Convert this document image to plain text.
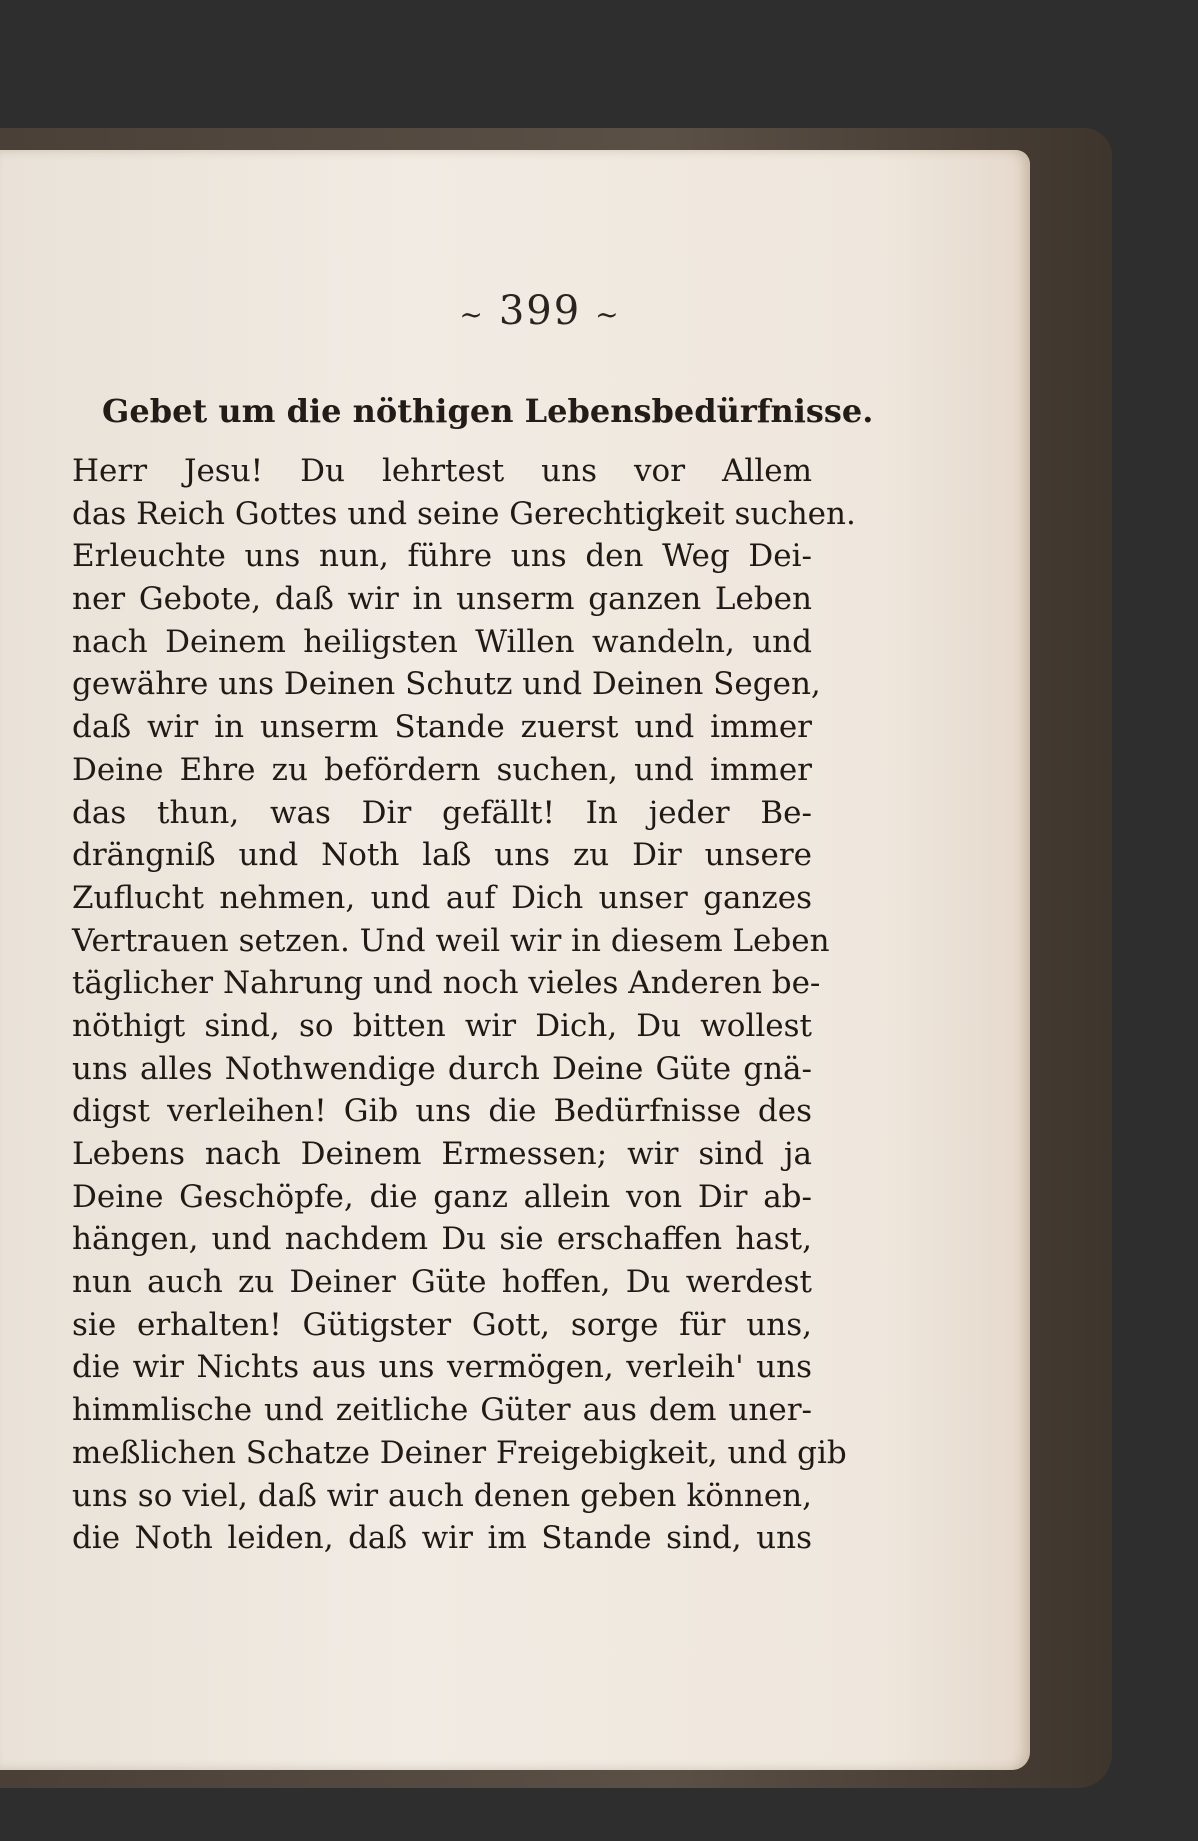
~ 399 ~
Gebet um die nöthigen Lebensbedürfnisse.
Herr Jesu! Du lehrtest uns vor Allem
das Reich Gottes und seine Gerechtigkeit suchen.
Erleuchte uns nun, führe uns den Weg Dei-
ner Gebote, daß wir in unserm ganzen Leben
nach Deinem heiligsten Willen wandeln, und
gewähre uns Deinen Schutz und Deinen Segen,
daß wir in unserm Stande zuerst und immer
Deine Ehre zu befördern suchen, und immer
das thun, was Dir gefällt! In jeder Be-
drängniß und Noth laß uns zu Dir unsere
Zuflucht nehmen, und auf Dich unser ganzes
Vertrauen setzen. Und weil wir in diesem Leben
täglicher Nahrung und noch vieles Anderen be-
nöthigt sind, so bitten wir Dich, Du wollest
uns alles Nothwendige durch Deine Güte gnä-
digst verleihen! Gib uns die Bedürfnisse des
Lebens nach Deinem Ermessen; wir sind ja
Deine Geschöpfe, die ganz allein von Dir ab-
hängen, und nachdem Du sie erschaffen hast,
nun auch zu Deiner Güte hoffen, Du werdest
sie erhalten! Gütigster Gott, sorge für uns,
die wir Nichts aus uns vermögen, verleih' uns
himmlische und zeitliche Güter aus dem uner-
meßlichen Schatze Deiner Freigebigkeit, und gib
uns so viel, daß wir auch denen geben können,
die Noth leiden, daß wir im Stande sind, uns
